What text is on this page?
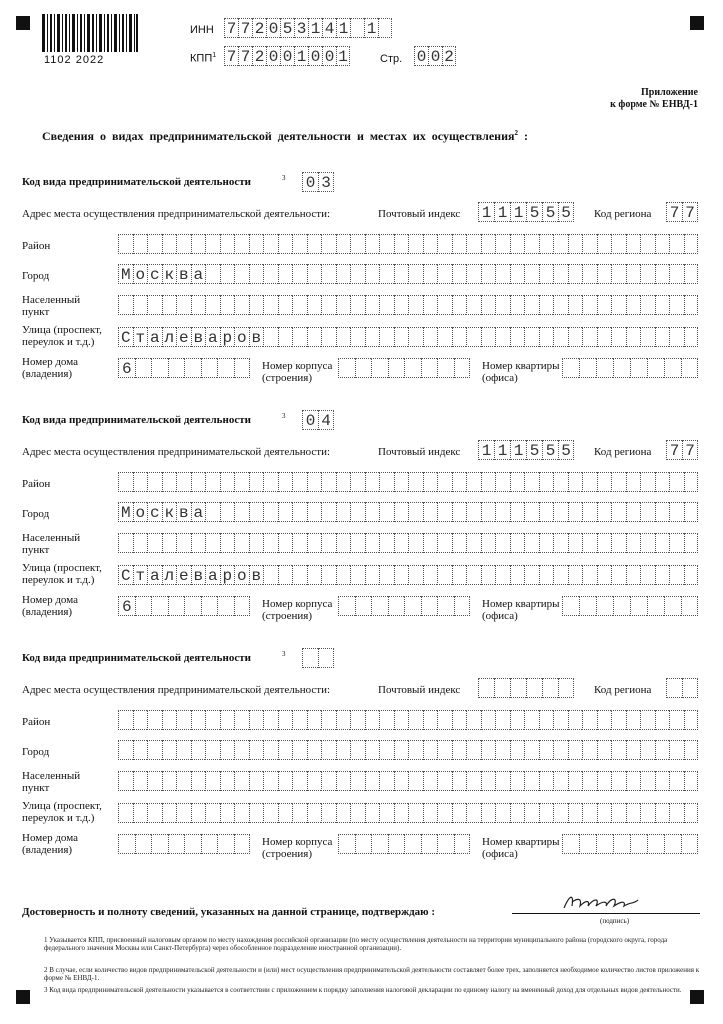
1102 2022
ИНН 7 7 2 0 5 3 1 4 1 1
КПП$^1$ 7 7 2 0 0 1 0 0 1	Стр. 0 0 2
Приложение
к форме № ЕНВД-1
Сведения о видах предпринимательской деятельности и местах их осуществления$^2$ :
Код вида предпринимательской деятельности	3 0 3
Адрес места осуществления предпринимательской деятельности:	Почтовый индекс 1 1 1 5 5 5 Код региона 7 7
Район
Город	М о с к в а
Населенный
пункт
Улица (проспект,
переулок и т.д.) С т а л е в а р о в
Номер дома
(владения)	6	Номер корпуса
(строения)
Номер квартиры
(офиса)
Код вида предпринимательской деятельности	3 0 4
Адрес места осуществления предпринимательской деятельности:	Почтовый индекс 1 1 1 5 5 5 Код региона 7 7
Район
Город	М о с к в а
Населенный
пункт
Улица (проспект,
переулок и т.д.) С т а л е в а р о в
Номер дома
(владения)	6	Номер корпуса
(строения)
Номер квартиры
(офиса)
Код вида предпринимательской деятельности	3
Адрес места осуществления предпринимательской деятельности:	Почтовый индекс	Код региона
Район
Город
Населенный
пункт
Улица (проспект,
переулок и т.д.)
Номер дома
(владения)
Номер корпуса
(строения)
Номер квартиры
(офиса)
Достоверность и полноту сведений, указанных на данной странице, подтверждаю :
(подпись)
1 Указывается КПП, присвоенный налоговым органом по месту нахождения российской организации (по месту осуществления деятельности на территории муниципального района (городского округа, города федерального значения Москвы или Санкт-Петербурга) через обособленное подразделение иностранной организации).
2 В случае, если количество видов предпринимательской деятельности и (или) мест осуществления предпринимательской деятельности составляет более трех, заполняется необходимое количество листов приложения к форме № ЕНВД-1.
3 Код вида предпринимательской деятельности указывается в соответствии с приложением к порядку заполнения налоговой декларации по единому налогу на вмененный доход для отдельных видов деятельности.
